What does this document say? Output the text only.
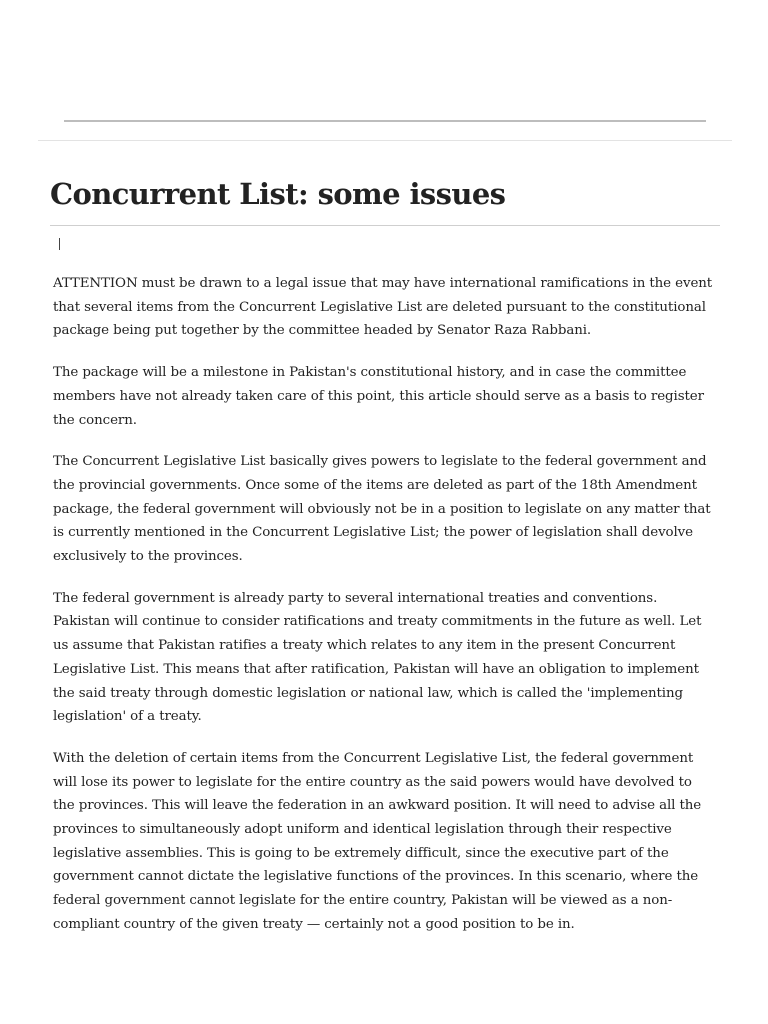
Concurrent List: some issues

ATTENTION must be drawn to a legal issue that may have international ramifications in the event that several items from the Concurrent Legislative List are deleted pursuant to the constitutional package being put together by the committee headed by Senator Raza Rabbani.

The package will be a milestone in Pakistan's constitutional history, and in case the committee members have not already taken care of this point, this article should serve as a basis to register the concern.

The Concurrent Legislative List basically gives powers to legislate to the federal government and the provincial governments. Once some of the items are deleted as part of the 18th Amendment package, the federal government will obviously not be in a position to legislate on any matter that is currently mentioned in the Concurrent Legislative List; the power of legislation shall devolve exclusively to the provinces.

The federal government is already party to several international treaties and conventions. Pakistan will continue to consider ratifications and treaty commitments in the future as well. Let us assume that Pakistan ratifies a treaty which relates to any item in the present Concurrent Legislative List. This means that after ratification, Pakistan will have an obligation to implement the said treaty through domestic legislation or national law, which is called the 'implementing legislation' of a treaty.

With the deletion of certain items from the Concurrent Legislative List, the federal government will lose its power to legislate for the entire country as the said powers would have devolved to the provinces. This will leave the federation in an awkward position. It will need to advise all the provinces to simultaneously adopt uniform and identical legislation through their respective legislative assemblies. This is going to be extremely difficult, since the executive part of the government cannot dictate the legislative functions of the provinces. In this scenario, where the federal government cannot legislate for the entire country, Pakistan will be viewed as a non-compliant country of the given treaty — certainly not a good position to be in.
